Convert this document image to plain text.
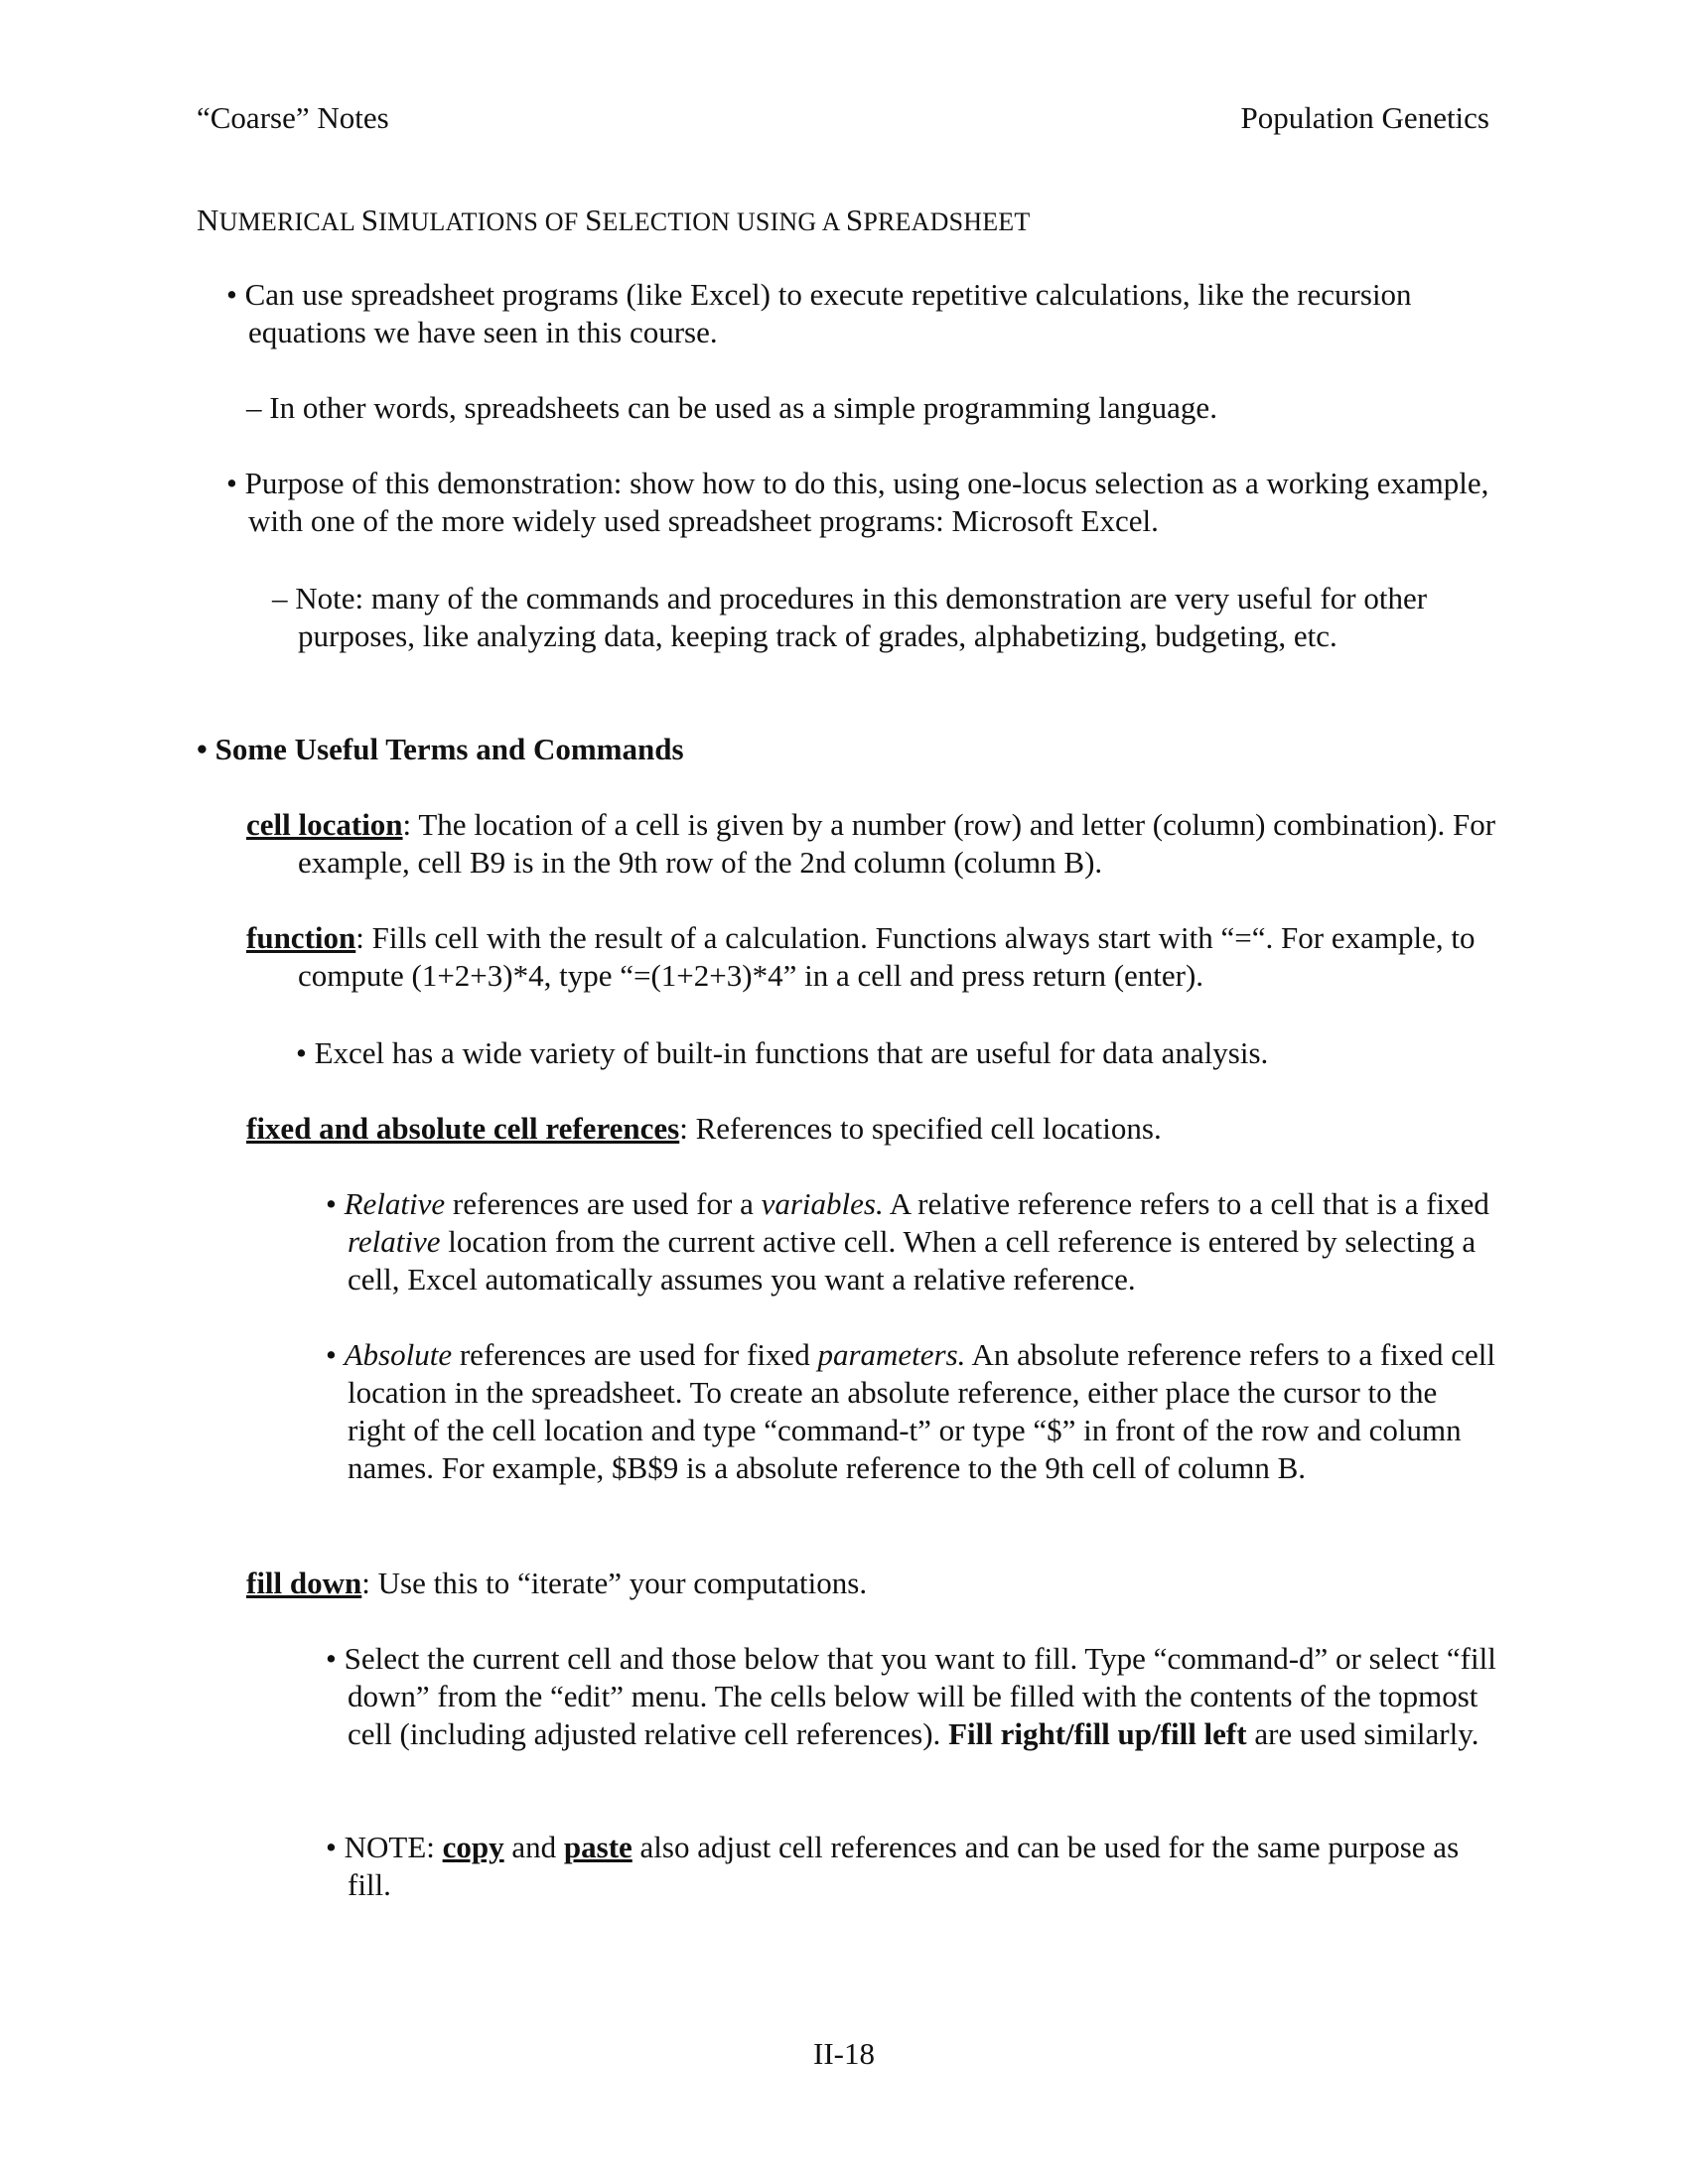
“Coarse” Notes	Population Genetics
NUMERICAL SIMULATIONS OF SELECTION USING A SPREADSHEET

• Can use spreadsheet programs (like Excel) to execute repetitive calculations, like the recursion equations we have seen in this course.

– In other words, spreadsheets can be used as a simple programming language.

• Purpose of this demonstration: show how to do this, using one-locus selection as a working example, with one of the more widely used spreadsheet programs: Microsoft Excel.

– Note: many of the commands and procedures in this demonstration are very useful for other purposes, like analyzing data, keeping track of grades, alphabetizing, budgeting, etc.

• Some Useful Terms and Commands

cell location: The location of a cell is given by a number (row) and letter (column) combination). For example, cell B9 is in the 9th row of the 2nd column (column B).

function: Fills cell with the result of a calculation. Functions always start with “=“. For example, to compute (1+2+3)*4, type “=(1+2+3)*4” in a cell and press return (enter).

• Excel has a wide variety of built-in functions that are useful for data analysis.

fixed and absolute cell references: References to specified cell locations.

• Relative references are used for a variables. A relative reference refers to a cell that is a fixed relative location from the current active cell. When a cell reference is entered by selecting a cell, Excel automatically assumes you want a relative reference.

• Absolute references are used for fixed parameters. An absolute reference refers to a fixed cell location in the spreadsheet. To create an absolute reference, either place the cursor to the right of the cell location and type “command-t” or type “$” in front of the row and column names. For example, $B$9 is a absolute reference to the 9th cell of column B.

fill down: Use this to “iterate” your computations.

• Select the current cell and those below that you want to fill. Type “command-d” or select “fill down” from the “edit” menu. The cells below will be filled with the contents of the topmost cell (including adjusted relative cell references). Fill right/fill up/fill left are used similarly.

• NOTE: copy and paste also adjust cell references and can be used for the same purpose as fill.

II-18
